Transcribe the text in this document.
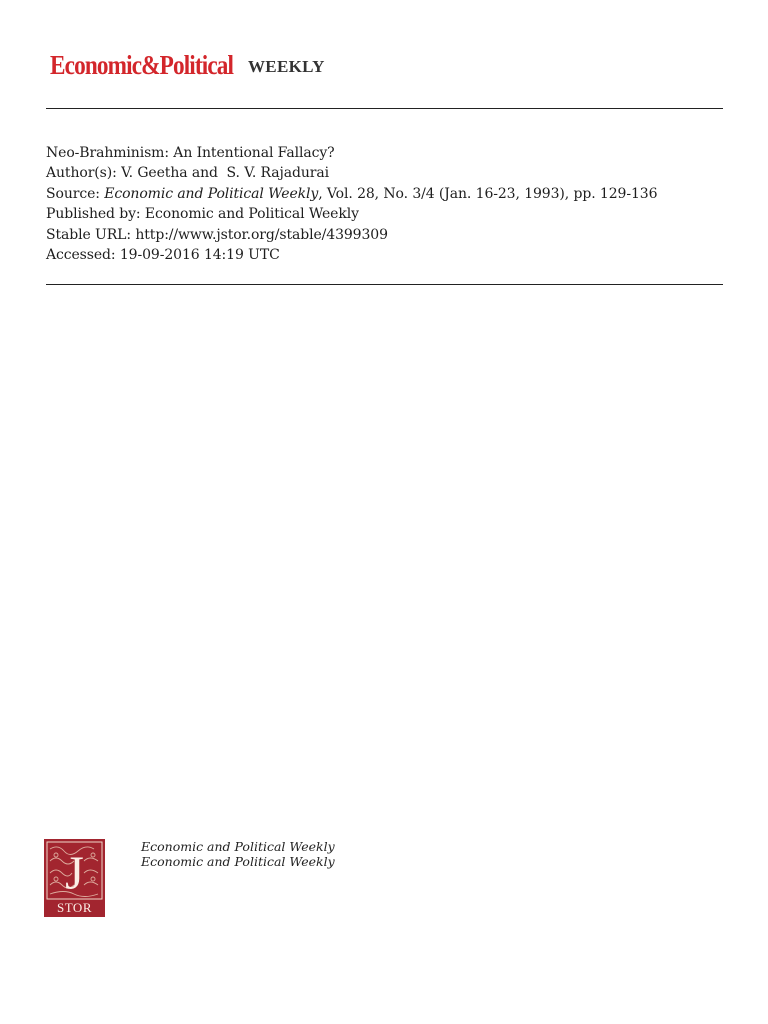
Economic&Political WEEKLY
Neo-Brahminism: An Intentional Fallacy?
Author(s): V. Geetha and  S. V. Rajadurai
Source: Economic and Political Weekly, Vol. 28, No. 3/4 (Jan. 16-23, 1993), pp. 129-136
Published by: Economic and Political Weekly
Stable URL: http://www.jstor.org/stable/4399309
Accessed: 19-09-2016 14:19 UTC
J
STOR
Economic and Political Weekly
Economic and Political Weekly
